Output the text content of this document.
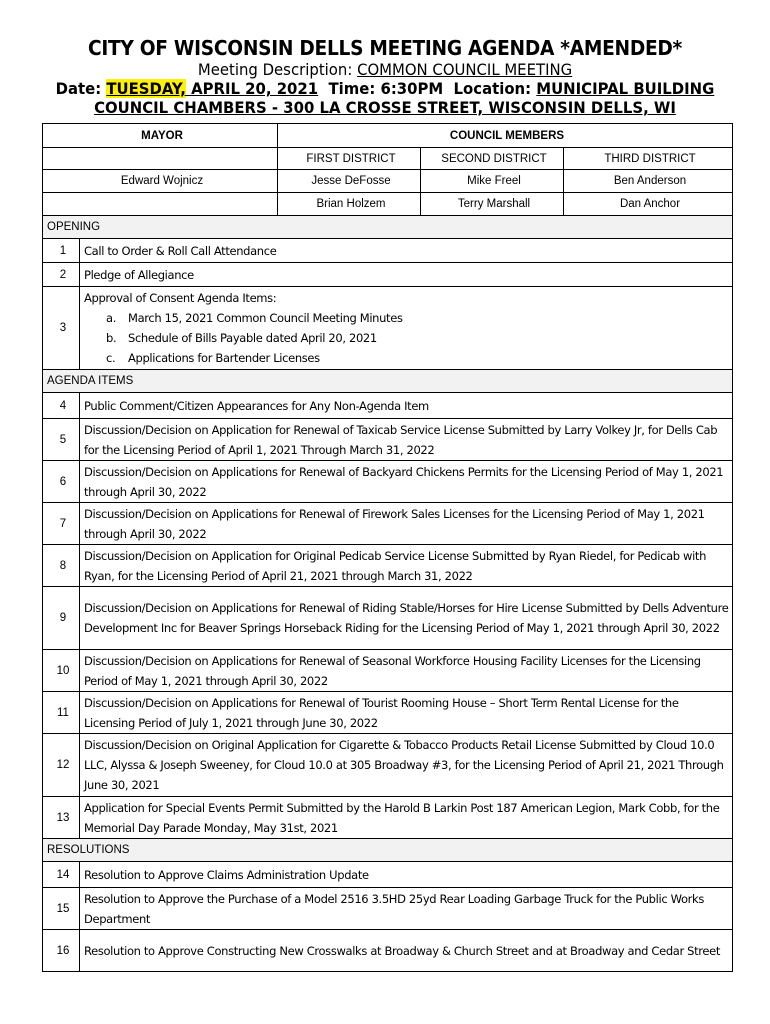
CITY OF WISCONSIN DELLS MEETING AGENDA *AMENDED*
Meeting Description: COMMON COUNCIL MEETING
Date: TUESDAY, APRIL 20, 2021 Time: 6:30PM Location: MUNICIPAL BUILDING
COUNCIL CHAMBERS - 300 LA CROSSE STREET, WISCONSIN DELLS, WI
MAYOR		COUNCIL MEMBERS		
		FIRST DISTRICT	SECOND DISTRICT	THIRD DISTRICT
Edward Wojnicz		Jesse DeFosse	Mike Freel	Ben Anderson
		Brian Holzem	Terry Marshall	Dan Anchor
OPENING				
1	Call to Order & Roll Call Attendance			
2	Pledge of Allegiance			
3	Approval of Consent Agenda Items:
a. March 15, 2021 Common Council Meeting Minutes
b. Schedule of Bills Payable dated April 20, 2021
c. Applications for Bartender Licenses			

AGENDA ITEMS				
4	Public Comment/Citizen Appearances for Any Non-Agenda Item			
5	Discussion/Decision on Application for Renewal of Taxicab Service License Submitted by Larry Volkey Jr, for Dells Cab for the Licensing Period of April 1, 2021 Through March 31, 2022			
6	Discussion/Decision on Applications for Renewal of Backyard Chickens Permits for the Licensing Period of May 1, 2021 through April 30, 2022			
7	Discussion/Decision on Applications for Renewal of Firework Sales Licenses for the Licensing Period of May 1, 2021 through April 30, 2022			
8	Discussion/Decision on Application for Original Pedicab Service License Submitted by Ryan Riedel, for Pedicab with Ryan, for the Licensing Period of April 21, 2021 through March 31, 2022			
9	Discussion/Decision on Applications for Renewal of Riding Stable/Horses for Hire License Submitted by Dells Adventure Development Inc for Beaver Springs Horseback Riding for the Licensing Period of May 1, 2021 through April 30, 2022			
10	Discussion/Decision on Applications for Renewal of Seasonal Workforce Housing Facility Licenses for the Licensing Period of May 1, 2021 through April 30, 2022			
11	Discussion/Decision on Applications for Renewal of Tourist Rooming House – Short Term Rental License for the Licensing Period of July 1, 2021 through June 30, 2022			
12	Discussion/Decision on Original Application for Cigarette & Tobacco Products Retail License Submitted by Cloud 10.0 LLC, Alyssa & Joseph Sweeney, for Cloud 10.0 at 305 Broadway #3, for the Licensing Period of April 21, 2021 Through June 30, 2021			
13	Application for Special Events Permit Submitted by the Harold B Larkin Post 187 American Legion, Mark Cobb, for the Memorial Day Parade Monday, May 31st, 2021			
RESOLUTIONS				
14	Resolution to Approve Claims Administration Update			
15	Resolution to Approve the Purchase of a Model 2516 3.5HD 25yd Rear Loading Garbage Truck for the Public Works Department			
16	Resolution to Approve Constructing New Crosswalks at Broadway & Church Street and at Broadway and Cedar Street			
